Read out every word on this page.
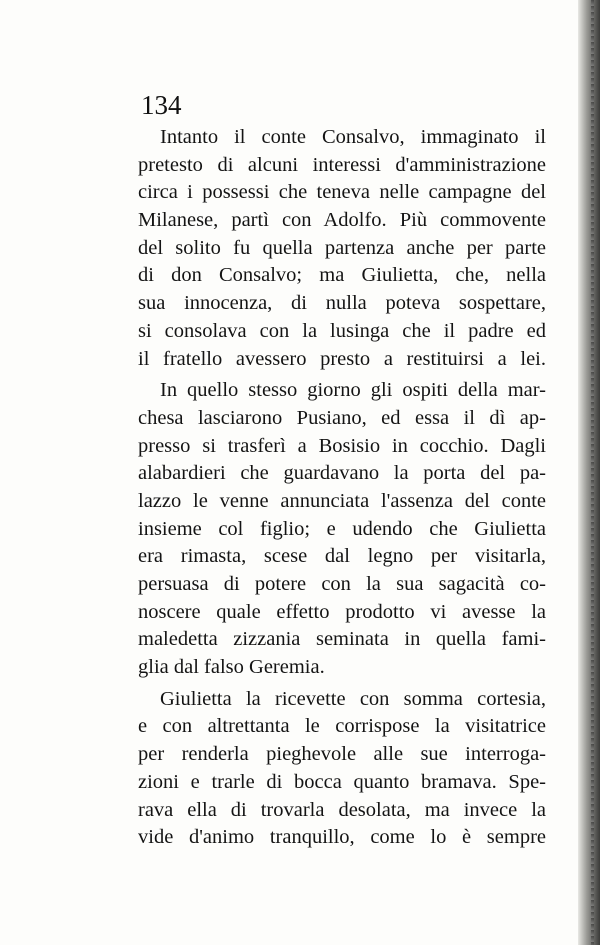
134
Intanto il conte Consalvo, immaginato il
pretesto di alcuni interessi d'amministrazione
circa i possessi che teneva nelle campagne del
Milanese, partì con Adolfo. Più commovente
del solito fu quella partenza anche per parte
di don Consalvo; ma Giulietta, che, nella
sua innocenza, di nulla poteva sospettare,
si consolava con la lusinga che il padre ed
il fratello avessero presto a restituirsi a lei.
In quello stesso giorno gli ospiti della mar-
chesa lasciarono Pusiano, ed essa il dì ap-
presso si trasferì a Bosisio in cocchio. Dagli
alabardieri che guardavano la porta del pa-
lazzo le venne annunciata l'assenza del conte
insieme col figlio; e udendo che Giulietta
era rimasta, scese dal legno per visitarla,
persuasa di potere con la sua sagacità co-
noscere quale effetto prodotto vi avesse la
maledetta zizzania seminata in quella fami-
glia dal falso Geremia.
Giulietta la ricevette con somma cortesia,
e con altrettanta le corrispose la visitatrice
per renderla pieghevole alle sue interroga-
zioni e trarle di bocca quanto bramava. Spe-
rava ella di trovarla desolata, ma invece la
vide d'animo tranquillo, come lo è sempre
